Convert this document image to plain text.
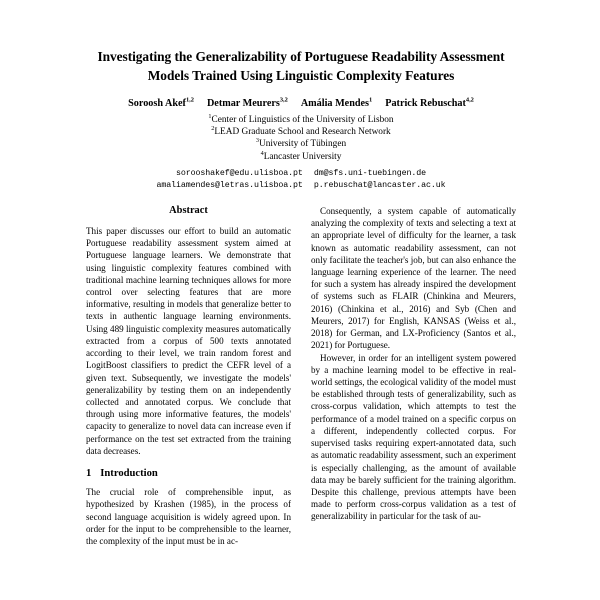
Investigating the Generalizability of Portuguese Readability Assessment Models Trained Using Linguistic Complexity Features
Soroosh Akef$^{1,2}$ Detmar Meurers$^{3,2}$ Amália Mendes$^1$ Patrick Rebuschat$^{4,2}$
$^1$Center of Linguistics of the University of Lisbon
$^2$LEAD Graduate School and Research Network
$^3$University of Tübingen
$^4$Lancaster University
sorooshakef@edu.ulisboa.pt dm@sfs.uni-tuebingen.de
amaliamendes@letras.ulisboa.pt p.rebuschat@lancaster.ac.uk
Abstract

This paper discusses our effort to build an automatic Portuguese readability assessment system aimed at Portuguese language learners. We demonstrate that using linguistic complexity features combined with traditional machine learning techniques allows for more control over selecting features that are more informative, resulting in models that generalize better to texts in authentic language learning environments. Using 489 linguistic complexity measures automatically extracted from a corpus of 500 texts annotated according to their level, we train random forest and LogitBoost classifiers to predict the CEFR level of a given text. Subsequently, we investigate the models' generalizability by testing them on an independently collected and annotated corpus. We conclude that through using more informative features, the models' capacity to generalize to novel data can increase even if performance on the test set extracted from the training data decreases.

1 Introduction

The crucial role of comprehensible input, as hypothesized by Krashen (1985), in the process of second language acquisition is widely agreed upon. In order for the input to be comprehensible to the learner, the complexity of the input must be in ac-

Consequently, a system capable of automatically analyzing the complexity of texts and selecting a text at an appropriate level of difficulty for the learner, a task known as automatic readability assessment, can not only facilitate the teacher's job, but can also enhance the language learning experience of the learner. The need for such a system has already inspired the development of systems such as FLAIR (Chinkina and Meurers, 2016) (Chinkina et al., 2016) and Syb (Chen and Meurers, 2017) for English, KANSAS (Weiss et al., 2018) for German, and LX-Proficiency (Santos et al., 2021) for Portuguese.

However, in order for an intelligent system powered by a machine learning model to be effective in real-world settings, the ecological validity of the model must be established through tests of generalizability, such as cross-corpus validation, which attempts to test the performance of a model trained on a specific corpus on a different, independently collected corpus. For supervised tasks requiring expert-annotated data, such as automatic readability assessment, such an experiment is especially challenging, as the amount of available data may be barely sufficient for the training algorithm. Despite this challenge, previous attempts have been made to perform cross-corpus validation as a test of generalizability in particular for the task of au-
